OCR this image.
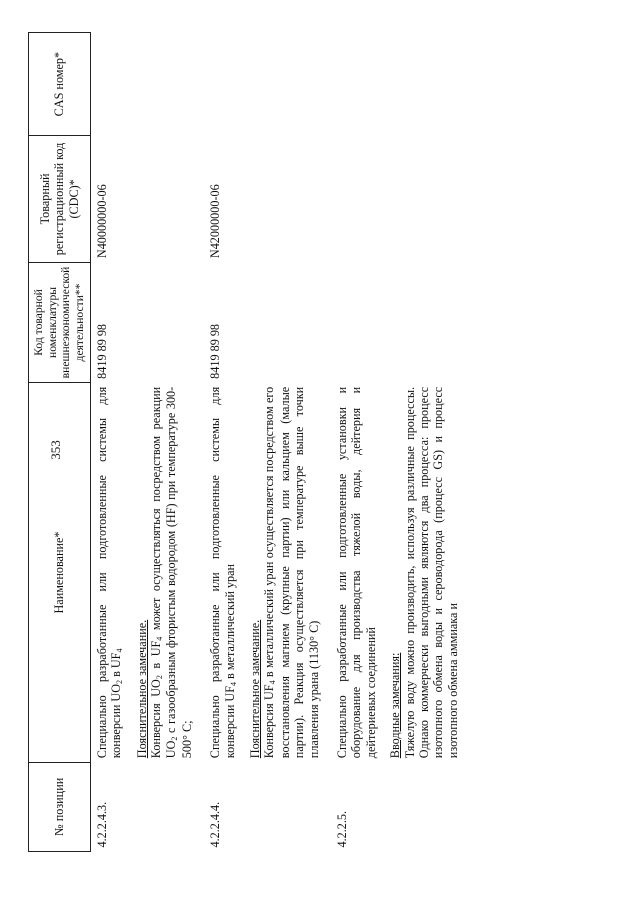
353
№ позиции	Наименование*	Код товарной номенклатуры внешнеэкономической деятельности**	Товарный регистрационный код (CDC)*	CAS номер*
4.2.2.4.3.	Специально разработанные или подготовленные системы для конверсии $UO_2$ в $UF_4$ Пояснительное замечание. Конверсия $UO_2$ в $UF_4$ может осуществляться посредством реакции $UO_2$ с газообразным фтористым водородом (HF) при температуре 300-500° C;	8419 89 98	N40000000-06	
4.2.2.4.4.	Специально разработанные или подготовленные системы для конверсии $UF_4$ в металлический уран Пояснительное замечание. Конверсия $UF_4$ в металлический уран осуществляется посредством его восстановления магнием (крупные партии) или кальцием (малые партии). Реакция осуществляется при температуре выше точки плавления урана (1130° C)	8419 89 98	N42000000-06	
4.2.2.5.	Специально разработанные или подготовленные установки и оборудование для производства тяжелой воды, дейтерия и дейтериевых соединений Вводные замечания: Тяжелую воду можно производить, используя различные процессы. Однако коммерчески выгодными являются два процесса: процесс изотопного обмена воды и сероводорода (процесс GS) и процесс изотопного обмена аммиака и			
